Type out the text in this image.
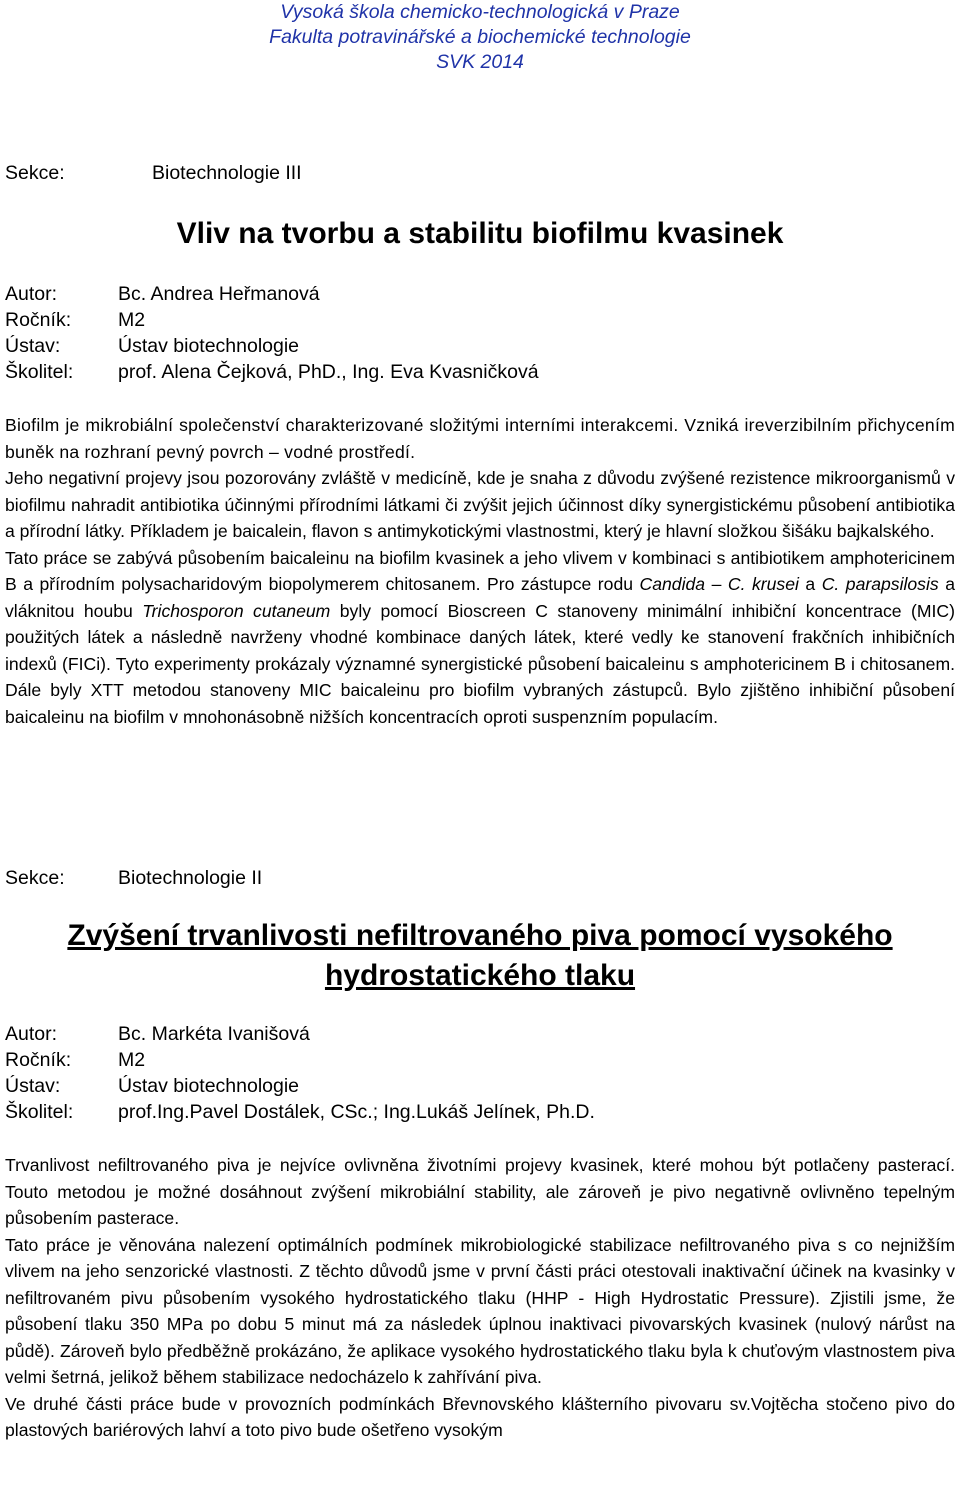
Vysoká škola chemicko-technologická v Praze
Fakulta potravinářské a biochemické technologie
SVK 2014
Sekce:	Biotechnologie III
Vliv na tvorbu a stabilitu biofilmu kvasinek
Autor:	Bc. Andrea Heřmanová
Ročník: M2
Ústav:	Ústav biotechnologie
Školitel: prof. Alena Čejková, PhD., Ing. Eva Kvasničková

Biofilm je mikrobiální společenství charakterizované složitými interními interakcemi. Vzniká ireverzibilním přichycením buněk na rozhraní pevný povrch – vodné prostředí.

Jeho negativní projevy jsou pozorovány zvláště v medicíně, kde je snaha z důvodu zvýšené rezistence mikroorganismů v biofilmu nahradit antibiotika účinnými přírodními látkami či zvýšit jejich účinnost díky synergistickému působení antibiotika a přírodní látky. Příkladem je baicalein, flavon s antimykotickými vlastnostmi, který je hlavní složkou šišáku bajkalského.

Tato práce se zabývá působením baicaleinu na biofilm kvasinek a jeho vlivem v kombinaci s antibiotikem amphotericinem B a přírodním polysacharidovým biopolymerem chitosanem. Pro zástupce rodu Candida – C. krusei a C. parapsilosis a vláknitou houbu Trichosporon cutaneum byly pomocí Bioscreen C stanoveny minimální inhibiční koncentrace (MIC) použitých látek a následně navrženy vhodné kombinace daných látek, které vedly ke stanovení frakčních inhibičních indexů (FICi). Tyto experimenty prokázaly významné synergistické působení baicaleinu s amphotericinem B i chitosanem. Dále byly XTT metodou stanoveny MIC baicaleinu pro biofilm vybraných zástupců. Bylo zjištěno inhibiční působení baicaleinu na biofilm v mnohonásobně nižších koncentracích oproti suspenzním populacím.

Sekce:	Biotechnologie II
Zvýšení trvanlivosti nefiltrovaného piva pomocí vysokého
hydrostatického tlaku
Autor:	Bc. Markéta Ivanišová
Ročník: M2
Ústav:	Ústav biotechnologie
Školitel: prof.Ing.Pavel Dostálek, CSc.; Ing.Lukáš Jelínek, Ph.D.

Trvanlivost nefiltrovaného piva je nejvíce ovlivněna životními projevy kvasinek, které mohou být potlačeny pasterací. Touto metodou je možné dosáhnout zvýšení mikrobiální stability, ale zároveň je pivo negativně ovlivněno tepelným působením pasterace.

Tato práce je věnována nalezení optimálních podmínek mikrobiologické stabilizace nefiltrovaného piva s co nejnižším vlivem na jeho senzorické vlastnosti. Z těchto důvodů jsme v první části práci otestovali inaktivační účinek na kvasinky v nefiltrovaném pivu působením vysokého hydrostatického tlaku (HHP - High Hydrostatic Pressure). Zjistili jsme, že působení tlaku 350 MPa po dobu 5 minut má za následek úplnou inaktivaci pivovarských kvasinek (nulový nárůst na půdě). Zároveň bylo předběžně prokázáno, že aplikace vysokého hydrostatického tlaku byla k chuťovým vlastnostem piva velmi šetrná, jelikož během stabilizace nedocházelo k zahřívání piva.

Ve druhé části práce bude v provozních podmínkách Břevnovského klášterního pivovaru sv.Vojtěcha stočeno pivo do plastových bariérových lahví a toto pivo bude ošetřeno vysokým
